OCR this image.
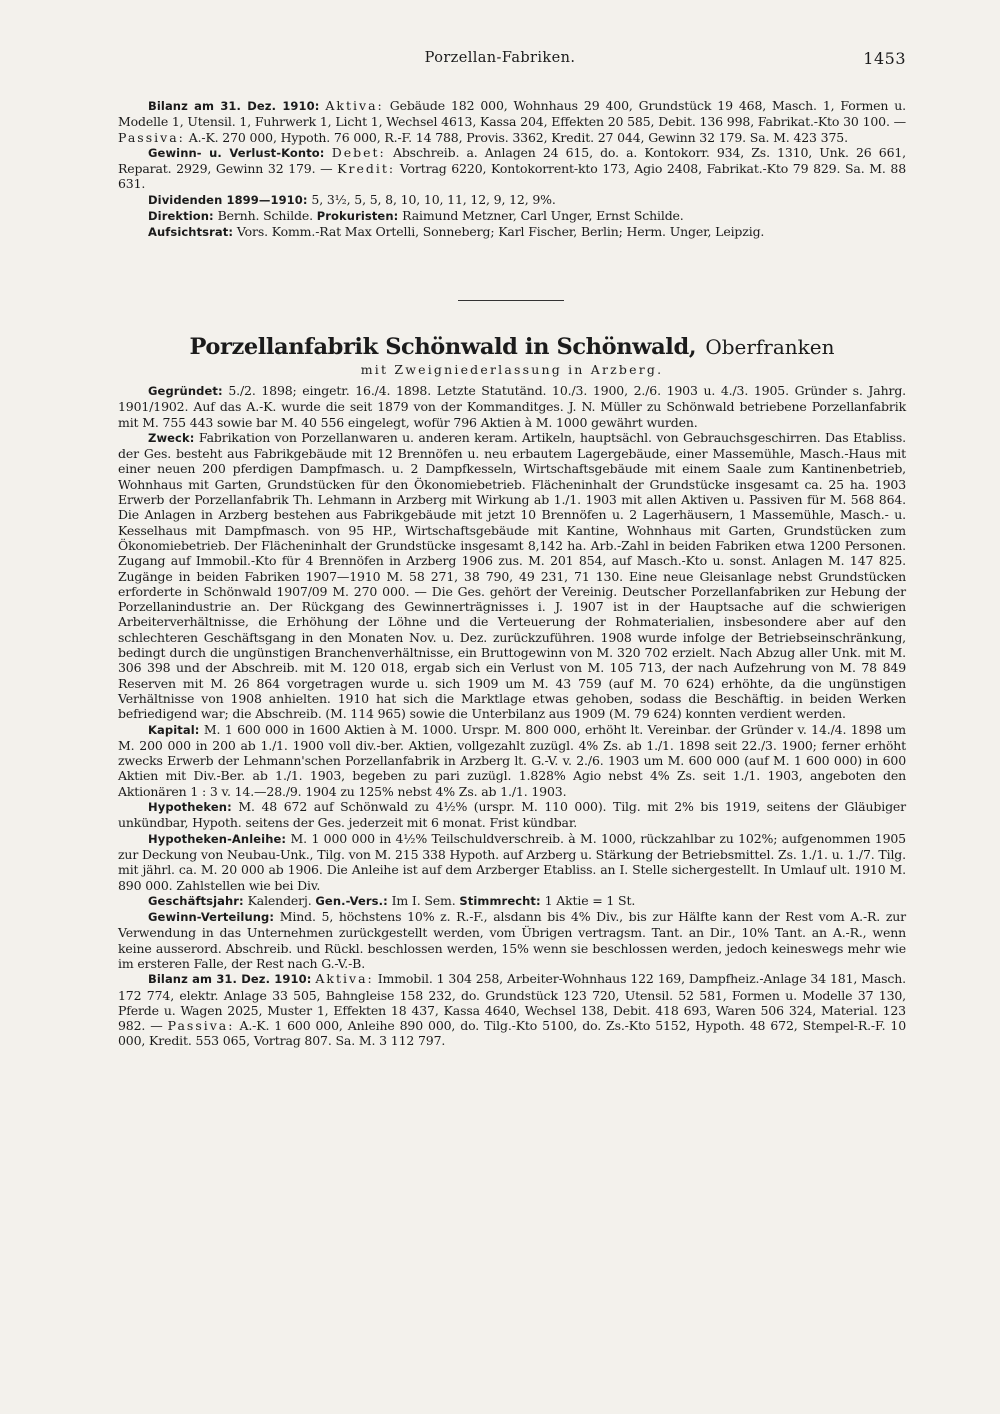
Porzellan-Fabriken.	1453

Bilanz am 31. Dez. 1910: Aktiva: Gebäude 182 000, Wohnhaus 29 400, Grundstück 19 468, Masch. 1, Formen u. Modelle 1, Utensil. 1, Fuhrwerk 1, Licht 1, Wechsel 4613, Kassa 204, Effekten 20 585, Debit. 136 998, Fabrikat.-Kto 30 100. — Passiva: A.-K. 270 000, Hypoth. 76 000, R.-F. 14 788, Provis. 3362, Kredit. 27 044, Gewinn 32 179. Sa. M. 423 375.

Gewinn- u. Verlust-Konto: Debet: Abschreib. a. Anlagen 24 615, do. a. Kontokorr. 934, Zs. 1310, Unk. 26 661, Reparat. 2929, Gewinn 32 179. — Kredit: Vortrag 6220, Kontokorrent-kto 173, Agio 2408, Fabrikat.-Kto 79 829. Sa. M. 88 631.

Dividenden 1899—1910: 5, 3½, 5, 5, 8, 10, 10, 11, 12, 9, 12, 9%.

Direktion: Bernh. Schilde. Prokuristen: Raimund Metzner, Carl Unger, Ernst Schilde.

Aufsichtsrat: Vors. Komm.-Rat Max Ortelli, Sonneberg; Karl Fischer, Berlin; Herm. Unger, Leipzig.

Porzellanfabrik Schönwald in Schönwald, Oberfranken
mit Zweigniederlassung in Arzberg.

Gegründet: 5./2. 1898; eingetr. 16./4. 1898. Letzte Statutänd. 10./3. 1900, 2./6. 1903 u. 4./3. 1905. Gründer s. Jahrg. 1901/1902. Auf das A.-K. wurde die seit 1879 von der Kommanditges. J. N. Müller zu Schönwald betriebene Porzellanfabrik mit M. 755 443 sowie bar M. 40 556 eingelegt, wofür 796 Aktien à M. 1000 gewährt wurden.

Zweck: Fabrikation von Porzellanwaren u. anderen keram. Artikeln, hauptsächl. von Gebrauchsgeschirren. Das Etabliss. der Ges. besteht aus Fabrikgebäude mit 12 Brennöfen u. neu erbautem Lagergebäude, einer Massemühle, Masch.-Haus mit einer neuen 200 pferdigen Dampfmasch. u. 2 Dampfkesseln, Wirtschaftsgebäude mit einem Saale zum Kantinenbetrieb, Wohnhaus mit Garten, Grundstücken für den Ökonomiebetrieb. Flächeninhalt der Grundstücke insgesamt ca. 25 ha. 1903 Erwerb der Porzellanfabrik Th. Lehmann in Arzberg mit Wirkung ab 1./1. 1903 mit allen Aktiven u. Passiven für M. 568 864. Die Anlagen in Arzberg bestehen aus Fabrikgebäude mit jetzt 10 Brennöfen u. 2 Lagerhäusern, 1 Massemühle, Masch.- u. Kesselhaus mit Dampfmasch. von 95 HP., Wirtschaftsgebäude mit Kantine, Wohnhaus mit Garten, Grundstücken zum Ökonomiebetrieb. Der Flächeninhalt der Grundstücke insgesamt 8,142 ha. Arb.-Zahl in beiden Fabriken etwa 1200 Personen. Zugang auf Immobil.-Kto für 4 Brennöfen in Arzberg 1906 zus. M. 201 854, auf Masch.-Kto u. sonst. Anlagen M. 147 825. Zugänge in beiden Fabriken 1907—1910 M. 58 271, 38 790, 49 231, 71 130. Eine neue Gleisanlage nebst Grundstücken erforderte in Schönwald 1907/09 M. 270 000. — Die Ges. gehört der Vereinig. Deutscher Porzellanfabriken zur Hebung der Porzellanindustrie an. Der Rückgang des Gewinnerträgnisses i. J. 1907 ist in der Hauptsache auf die schwierigen Arbeiterverhältnisse, die Erhöhung der Löhne und die Verteuerung der Rohmaterialien, insbesondere aber auf den schlechteren Geschäftsgang in den Monaten Nov. u. Dez. zurückzuführen. 1908 wurde infolge der Betriebseinschränkung, bedingt durch die ungünstigen Branchenverhältnisse, ein Bruttogewinn von M. 320 702 erzielt. Nach Abzug aller Unk. mit M. 306 398 und der Abschreib. mit M. 120 018, ergab sich ein Verlust von M. 105 713, der nach Aufzehrung von M. 78 849 Reserven mit M. 26 864 vorgetragen wurde u. sich 1909 um M. 43 759 (auf M. 70 624) erhöhte, da die ungünstigen Verhältnisse von 1908 anhielten. 1910 hat sich die Marktlage etwas gehoben, sodass die Beschäftig. in beiden Werken befriedigend war; die Abschreib. (M. 114 965) sowie die Unterbilanz aus 1909 (M. 79 624) konnten verdient werden.

Kapital: M. 1 600 000 in 1600 Aktien à M. 1000. Urspr. M. 800 000, erhöht lt. Vereinbar. der Gründer v. 14./4. 1898 um M. 200 000 in 200 ab 1./1. 1900 voll div.-ber. Aktien, vollgezahlt zuzügl. 4% Zs. ab 1./1. 1898 seit 22./3. 1900; ferner erhöht zwecks Erwerb der Lehmann'schen Porzellanfabrik in Arzberg lt. G.-V. v. 2./6. 1903 um M. 600 000 (auf M. 1 600 000) in 600 Aktien mit Div.-Ber. ab 1./1. 1903, begeben zu pari zuzügl. 1.828% Agio nebst 4% Zs. seit 1./1. 1903, angeboten den Aktionären 1 : 3 v. 14.—28./9. 1904 zu 125% nebst 4% Zs. ab 1./1. 1903.

Hypotheken: M. 48 672 auf Schönwald zu 4½% (urspr. M. 110 000). Tilg. mit 2% bis 1919, seitens der Gläubiger unkündbar, Hypoth. seitens der Ges. jederzeit mit 6 monat. Frist kündbar.

Hypotheken-Anleihe: M. 1 000 000 in 4½% Teilschuldverschreib. à M. 1000, rückzahlbar zu 102%; aufgenommen 1905 zur Deckung von Neubau-Unk., Tilg. von M. 215 338 Hypoth. auf Arzberg u. Stärkung der Betriebsmittel. Zs. 1./1. u. 1./7. Tilg. mit jährl. ca. M. 20 000 ab 1906. Die Anleihe ist auf dem Arzberger Etabliss. an I. Stelle sichergestellt. In Umlauf ult. 1910 M. 890 000. Zahlstellen wie bei Div.

Geschäftsjahr: Kalenderj. Gen.-Vers.: Im I. Sem. Stimmrecht: 1 Aktie = 1 St.

Gewinn-Verteilung: Mind. 5, höchstens 10% z. R.-F., alsdann bis 4% Div., bis zur Hälfte kann der Rest vom A.-R. zur Verwendung in das Unternehmen zurückgestellt werden, vom Übrigen vertragsm. Tant. an Dir., 10% Tant. an A.-R., wenn keine ausserord. Abschreib. und Rückl. beschlossen werden, 15% wenn sie beschlossen werden, jedoch keineswegs mehr wie im ersteren Falle, der Rest nach G.-V.-B.

Bilanz am 31. Dez. 1910: Aktiva: Immobil. 1 304 258, Arbeiter-Wohnhaus 122 169, Dampfheiz.-Anlage 34 181, Masch. 172 774, elektr. Anlage 33 505, Bahngleise 158 232, do. Grundstück 123 720, Utensil. 52 581, Formen u. Modelle 37 130, Pferde u. Wagen 2025, Muster 1, Effekten 18 437, Kassa 4640, Wechsel 138, Debit. 418 693, Waren 506 324, Material. 123 982. — Passiva: A.-K. 1 600 000, Anleihe 890 000, do. Tilg.-Kto 5100, do. Zs.-Kto 5152, Hypoth. 48 672, Stempel-R.-F. 10 000, Kredit. 553 065, Vortrag 807. Sa. M. 3 112 797.
